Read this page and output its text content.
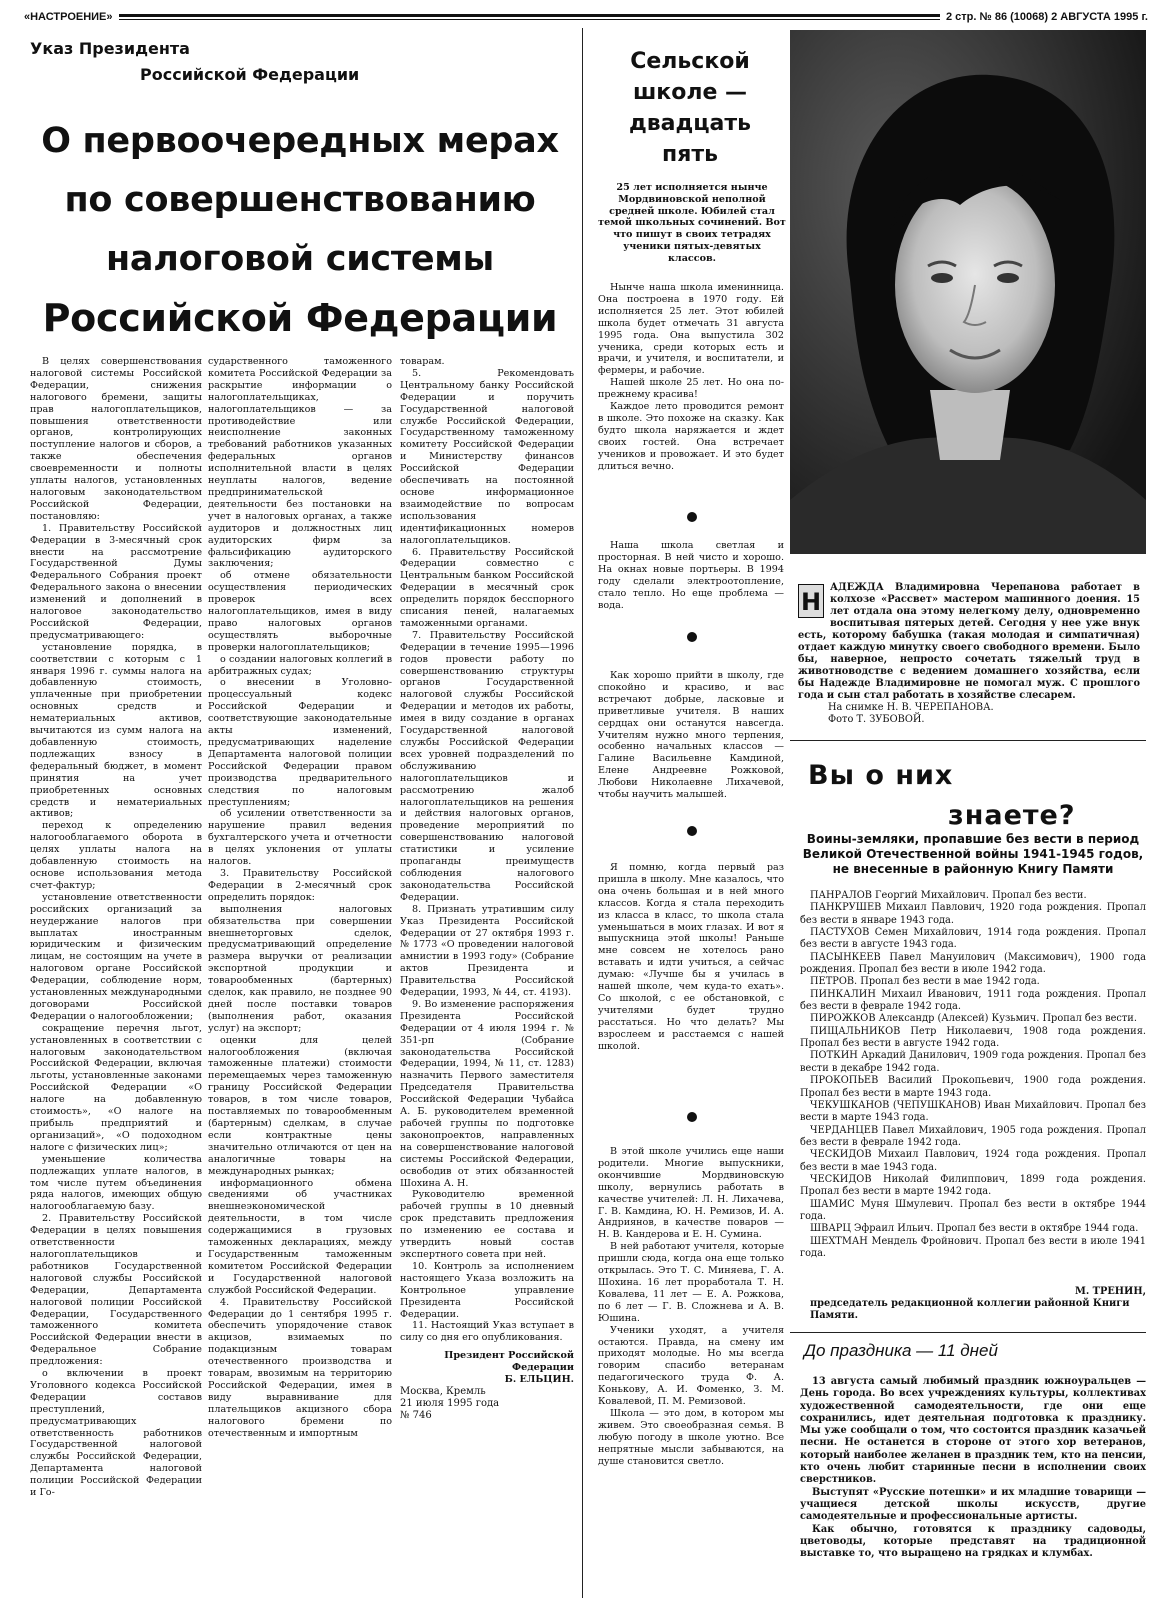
«НАСТРОЕНИЕ»	2 стр. № 86 (10068) 2 АВГУСТА 1995 г.
Указ Президента
Российской Федерации
О первоочередных мерах
по совершенствованию
налоговой системы
Российской Федерации

В целях совершенствования налоговой системы Российской Федерации, снижения налогового бремени, защиты прав налогоплательщиков, повышения ответственности органов, контролирующих поступление налогов и сборов, а также обеспечения своевременности и полноты уплаты налогов, установленных налоговым законодательством Российской Федерации, постановляю:

1. Правительству Российской Федерации в 3-месячный срок внести на рассмотрение Государственной Думы Федерального Собрания проект Федерального закона о внесении изменений и дополнений в налоговое законодательство Российской Федерации, предусматривающего:

установление порядка, в соответствии с которым с 1 января 1996 г. суммы налога на добавленную стоимость, уплаченные при приобретении основных средств и нематериальных активов, вычитаются из сумм налога на добавленную стоимость, подлежащих взносу в федеральный бюджет, в момент принятия на учет приобретенных основных средств и нематериальных активов;

переход к определению налогооблагаемого оборота в целях уплаты налога на добавленную стоимость на основе использования метода счет-фактур;

установление ответственности российских организаций за неудержание налогов при выплатах иностранным юридическим и физическим лицам, не состоящим на учете в налоговом органе Российской Федерации, соблюдение норм, установленных международными договорами Российской Федерации о налогообложении;

сокращение перечня льгот, установленных в соответствии с налоговым законодательством Российской Федерации, включая льготы, установленные законами Российской Федерации «О налоге на добавленную стоимость», «О налоге на прибыль предприятий и организаций», «О подоходном налоге с физических лиц»;

уменьшение количества подлежащих уплате налогов, в том числе путем объединения ряда налогов, имеющих общую налогооблагаемую базу.

2. Правительству Российской Федерации в целях повышения ответственности налогоплательщиков и работников Государственной налоговой службы Российской Федерации, Департамента налоговой полиции Российской Федерации, Государственного таможенного комитета Российской Федерации внести в Федеральное Собрание предложения:

о включении в проект Уголовного кодекса Российской Федерации составов преступлений, предусматривающих ответственность работников Государственной налоговой службы Российской Федерации, Департамента налоговой полиции Российской Федерации и Го-

сударственного таможенного комитета Российской Федерации за раскрытие информации о налогоплательщиках, налогоплательщиков — за противодействие или неисполнение законных требований работников указанных федеральных органов исполнительной власти в целях неуплаты налогов, ведение предпринимательской деятельности без постановки на учет в налоговых органах, а также аудиторов и должностных лиц аудиторских фирм за фальсификацию аудиторского заключения;

об отмене обязательности осуществления периодических проверок всех налогоплательщиков, имея в виду право налоговых органов осуществлять выборочные проверки налогоплательщиков;

о создании налоговых коллегий в арбитражных судах;

о внесении в Уголовно-процессуальный кодекс Российской Федерации и соответствующие законодательные акты изменений, предусматривающих наделение Департамента налоговой полиции Российской Федерации правом производства предварительного следствия по налоговым преступлениям;

об усилении ответственности за нарушение правил ведения бухгалтерского учета и отчетности в целях уклонения от уплаты налогов.

3. Правительству Российской Федерации в 2-месячный срок определить порядок:

выполнения налоговых обязательства при совершении внешнеторговых сделок, предусматривающий определение размера выручки от реализации экспортной продукции и товарообменных (бартерных) сделок, как правило, не позднее 90 дней после поставки товаров (выполнения работ, оказания услуг) на экспорт;

оценки для целей налогообложения (включая таможенные платежи) стоимости перемещаемых через таможенную границу Российской Федерации товаров, в том числе товаров, поставляемых по товарообменным (бартерным) сделкам, в случае если контрактные цены значительно отличаются от цен на аналогичные товары на международных рынках;

информационного обмена сведениями об участниках внешнеэкономической деятельности, в том числе содержащимися в грузовых таможенных декларациях, между Государственным таможенным комитетом Российской Федерации и Государственной налоговой службой Российской Федерации.

4. Правительству Российской Федерации до 1 сентября 1995 г. обеспечить упорядочение ставок акцизов, взимаемых по подакцизным товарам отечественного производства и товарам, ввозимым на территорию Российской Федерации, имея в виду выравнивание для плательщиков акцизного сбора налогового бремени по отечественным и импортным

товарам.

5. Рекомендовать Центральному банку Российской Федерации и поручить Государственной налоговой службе Российской Федерации, Государственному таможенному комитету Российской Федерации и Министерству финансов Российской Федерации обеспечивать на постоянной основе информационное взаимодействие по вопросам использования идентификационных номеров налогоплательщиков.

6. Правительству Российской Федерации совместно с Центральным банком Российской Федерации в месячный срок определить порядок бесспорного списания пеней, налагаемых таможенными органами.

7. Правительству Российской Федерации в течение 1995—1996 годов провести работу по совершенствованию структуры органов Государственной налоговой службы Российской Федерации и методов их работы, имея в виду создание в органах Государственной налоговой службы Российской Федерации всех уровней подразделений по обслуживанию налогоплательщиков и рассмотрению жалоб налогоплательщиков на решения и действия налоговых органов, проведение мероприятий по совершенствованию налоговой статистики и усиление пропаганды преимуществ соблюдения налогового законодательства Российской Федерации.

8. Признать утратившим силу Указ Президента Российской Федерации от 27 октября 1993 г. № 1773 «О проведении налоговой амнистии в 1993 году» (Собрание актов Президента и Правительства Российской Федерации, 1993, № 44, ст. 4193).

9. Во изменение распоряжения Президента Российской Федерации от 4 июля 1994 г. № 351-рп (Собрание законодательства Российской Федерации, 1994, № 11, ст. 1283) назначить Первого заместителя Председателя Правительства Российской Федерации Чубайса А. Б. руководителем временной рабочей группы по подготовке законопроектов, направленных на совершенствование налоговой системы Российской Федерации, освободив от этих обязанностей Шохина А. Н.

Руководителю временной рабочей группы в 10 дневный срок представить предложения по изменению ее состава и утвердить новый состав экспертного совета при ней.

10. Контроль за исполнением настоящего Указа возложить на Контрольное управление Президента Российской Федерации.

11. Настоящий Указ вступает в силу со дня его опубликования.

Президент Российской Федерации
Б. ЕЛЬЦИН.
Москва, Кремль
21 июля 1995 года
№ 746
Сельской
школе —
двадцать
пять
25 лет исполняется нынче Мордвиновской неполной средней школе. Юбилей стал темой школьных сочинений. Вот что пишут в своих тетрадях ученики пятых-девятых классов.

Нынче наша школа именинница. Она построена в 1970 году. Ей исполняется 25 лет. Этот юбилей школа будет отмечать 31 августа 1995 года. Она выпустила 302 ученика, среди которых есть и врачи, и учителя, и воспитатели, и фермеры, и рабочие.

Нашей школе 25 лет. Но она по-прежнему красива!

Каждое лето проводится ремонт в школе. Это похоже на сказку. Как будто школа наряжается и ждет своих гостей. Она встречает учеников и провожает. И это будет длиться вечно.

Наша школа светлая и просторная. В ней чисто и хорошо. На окнах новые портьеры. В 1994 году сделали электроотопление, стало тепло. Но еще проблема — вода.

Как хорошо прийти в школу, где спокойно и красиво, и вас встречают добрые, ласковые и приветливые учителя. В наших сердцах они останутся навсегда. Учителям нужно много терпения, особенно начальных классов — Галине Васильевне Камдиной, Елене Андреевне Рожковой, Любови Николаевне Лихачевой, чтобы научить малышей.

Я помню, когда первый раз пришла в школу. Мне казалось, что она очень большая и в ней много классов. Когда я стала переходить из класса в класс, то школа стала уменьшаться в моих глазах. И вот я выпускница этой школы! Раньше мне совсем не хотелось рано вставать и идти учиться, а сейчас думаю: «Лучше бы я училась в нашей школе, чем куда-то ехать». Со школой, с ее обстановкой, с учителями будет трудно расстаться. Но что делать? Мы взрослеем и расстаемся с нашей школой.

В этой школе учились еще наши родители. Многие выпускники, окончившие Мордвиновскую школу, вернулись работать в качестве учителей: Л. Н. Лихачева, Г. В. Камдина, Ю. Н. Ремизов, И. А. Андриянов, в качестве поваров — Н. В. Кандерова и Е. Н. Сумина.

В ней работают учителя, которые пришли сюда, когда она еще только открылась. Это Т. С. Миняева, Г. А. Шохина. 16 лет проработала Т. Н. Ковалева, 11 лет — Е. А. Рожкова, по 6 лет — Г. В. Сложнева и А. В. Юшина.

Ученики уходят, а учителя остаются. Правда, на смену им приходят молодые. Но мы всегда говорим спасибо ветеранам педагогического труда Ф. А. Конькову, А. И. Фоменко, З. М. Ковалевой, П. М. Ремизовой.

Школа — это дом, в котором мы живем. Это своеобразная семья. В любую погоду в школе уютно. Все непрятные мысли забываются, на душе становится светло.

Н
АДЕЖДА Владимировна Черепанова работает в колхозе «Рассвет» мастером машинного доения. 15 лет отдала она этому нелегкому делу, одновременно воспитывая пятерых детей. Сегодня у нее уже внук есть, которому бабушка (такая молодая и симпатичная) отдает каждую минутку своего свободного времени. Было бы, наверное, непросто сочетать тяжелый труд в животноводстве с ведением домашнего хозяйства, если бы Надежде Владимировне не помогал муж. С прошлого года и сын стал работать в хозяйстве слесарем.
На снимке Н. В. ЧЕРЕПАНОВА.
Фото Т. ЗУБОВОЙ.
Вы о них
знаете?
Воины-земляки, пропавшие без вести в период Великой Отечественной войны 1941-1945 годов, не внесенные в районную Книгу Памяти
ПАНРАЛОВ Георгий Михайлович. Пропал без вести.
ПАНКРУШЕВ Михаил Павлович, 1920 года рождения. Пропал без вести в январе 1943 года.
ПАСТУХОВ Семен Михайлович, 1914 года рождения. Пропал без вести в августе 1943 года.
ПАСЫНКЕЕВ Павел Мануилович (Максимович), 1900 года рождения. Пропал без вести в июле 1942 года.
ПЕТРОВ. Пропал без вести в мае 1942 года.
ПИНКАЛИН Михаил Иванович, 1911 года рождения. Пропал без вести в феврале 1942 года.
ПИРОЖКОВ Александр (Алексей) Кузьмич. Пропал без вести.
ПИЩАЛЬНИКОВ Петр Николаевич, 1908 года рождения. Пропал без вести в августе 1942 года.
ПОТКИН Аркадий Данилович, 1909 года рождения. Пропал без вести в декабре 1942 года.
ПРОКОПЬЕВ Василий Прокопьевич, 1900 года рождения. Пропал без вести в марте 1943 года.
ЧЕКУШКАНОВ (ЧЕПУШКАНОВ) Иван Михайлович. Пропал без вести в марте 1943 года.
ЧЕРДАНЦЕВ Павел Михайлович, 1905 года рождения. Пропал без вести в феврале 1942 года.
ЧЕСКИДОВ Михаил Павлович, 1924 года рождения. Пропал без вести в мае 1943 года.
ЧЕСКИДОВ Николай Филиппович, 1899 года рождения. Пропал без вести в марте 1942 года.
ШАМИС Муня Шмулевич. Пропал без вести в октябре 1944 года.
ШВАРЦ Эфраил Ильич. Пропал без вести в октябре 1944 года.
ШЕХТМАН Мендель Фройнович. Пропал без вести в июле 1941 года.
М. ТРЕНИН,
председатель редакционной коллегии районной Книги Памяти.
До праздника — 11 дней

13 августа самый любимый праздник южноуральцев — День города. Во всех учреждениях культуры, коллективах художественной самодеятельности, где они еще сохранились, идет деятельная подготовка к празднику. Мы уже сообщали о том, что состоится праздник казачьей песни. Не останется в стороне от этого хор ветеранов, который наиболее желанен в праздник тем, кто на пенсии, кто очень любит старинные песни в исполнении своих сверстников.

Выступят «Русские потешки» и их младшие товарищи — учащиеся детской школы искусств, другие самодеятельные и профессиональные артисты.

Как обычно, готовятся к празднику садоводы, цветоводы, которые представят на традиционной выставке то, что выращено на грядках и клумбах.
